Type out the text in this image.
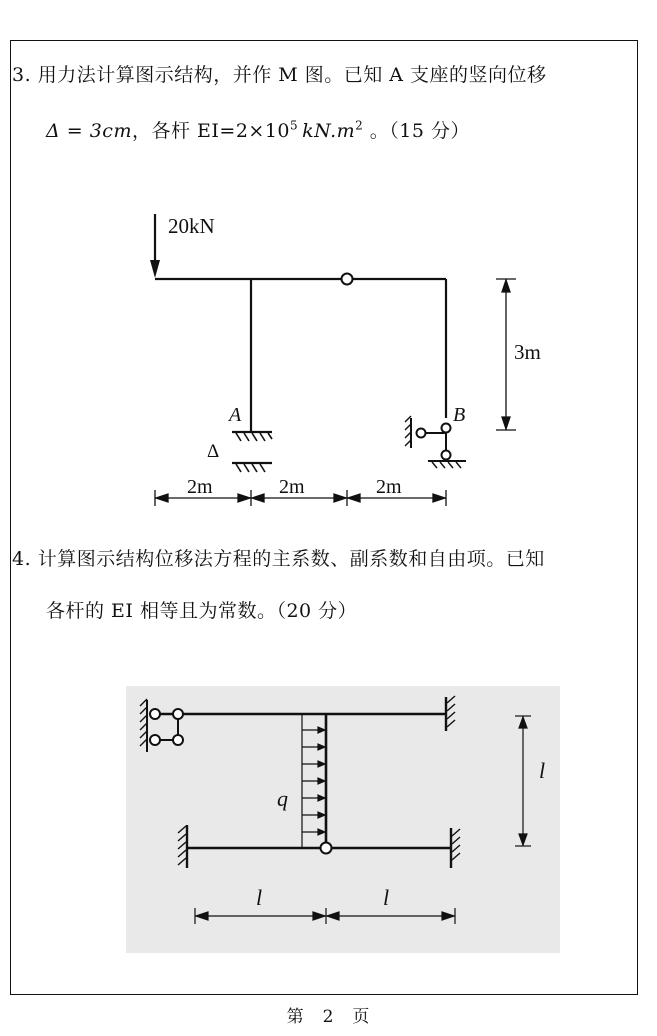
3. 用力法计算图示结构，并作 M 图。已知 A 支座的竖向位移
Δ = 3cm，各杆 $EI=2\times 10^5$ $kN.m^2$ 。（15 分）
A
Δ
B
20kN
3m
2m	2m	2m
4. 计算图示结构位移法方程的主系数、副系数和自由项。已知
各杆的 EI 相等且为常数。（20 分）
q
l
l	l
第　2　页
